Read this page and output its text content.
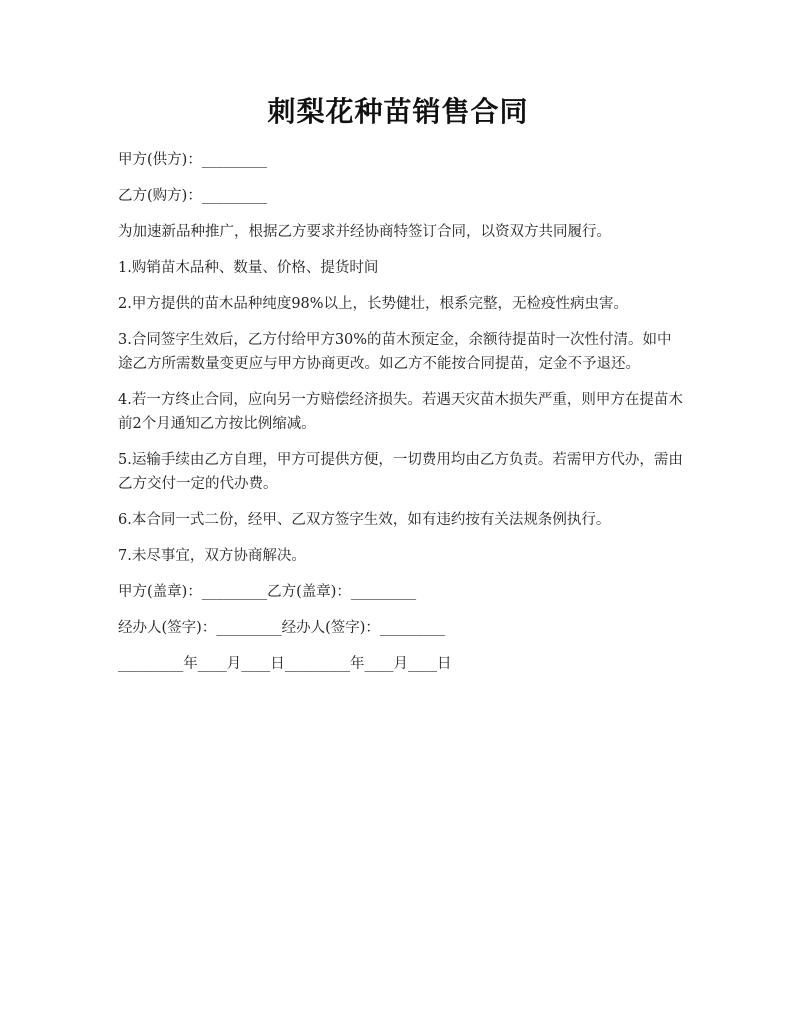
刺梨花种苗销售合同

甲方(供方)：_________

乙方(购方)：_________

为加速新品种推广，根据乙方要求并经协商特签订合同，以资双方共同履行。

1.购销苗木品种、数量、价格、提货时间

2.甲方提供的苗木品种纯度98%以上，长势健壮，根系完整，无检疫性病虫害。

3.合同签字生效后，乙方付给甲方30%的苗木预定金，余额待提苗时一次性付清。如中途乙方所需数量变更应与甲方协商更改。如乙方不能按合同提苗，定金不予退还。

4.若一方终止合同，应向另一方赔偿经济损失。若遇天灾苗木损失严重，则甲方在提苗木前2个月通知乙方按比例缩减。

5.运输手续由乙方自理，甲方可提供方便，一切费用均由乙方负责。若需甲方代办，需由乙方交付一定的代办费。

6.本合同一式二份，经甲、乙双方签字生效，如有违约按有关法规条例执行。

7.未尽事宜，双方协商解决。

甲方(盖章)：_________乙方(盖章)：_________

经办人(签字)：_________经办人(签字)：_________

_________年____月____日_________年____月____日
